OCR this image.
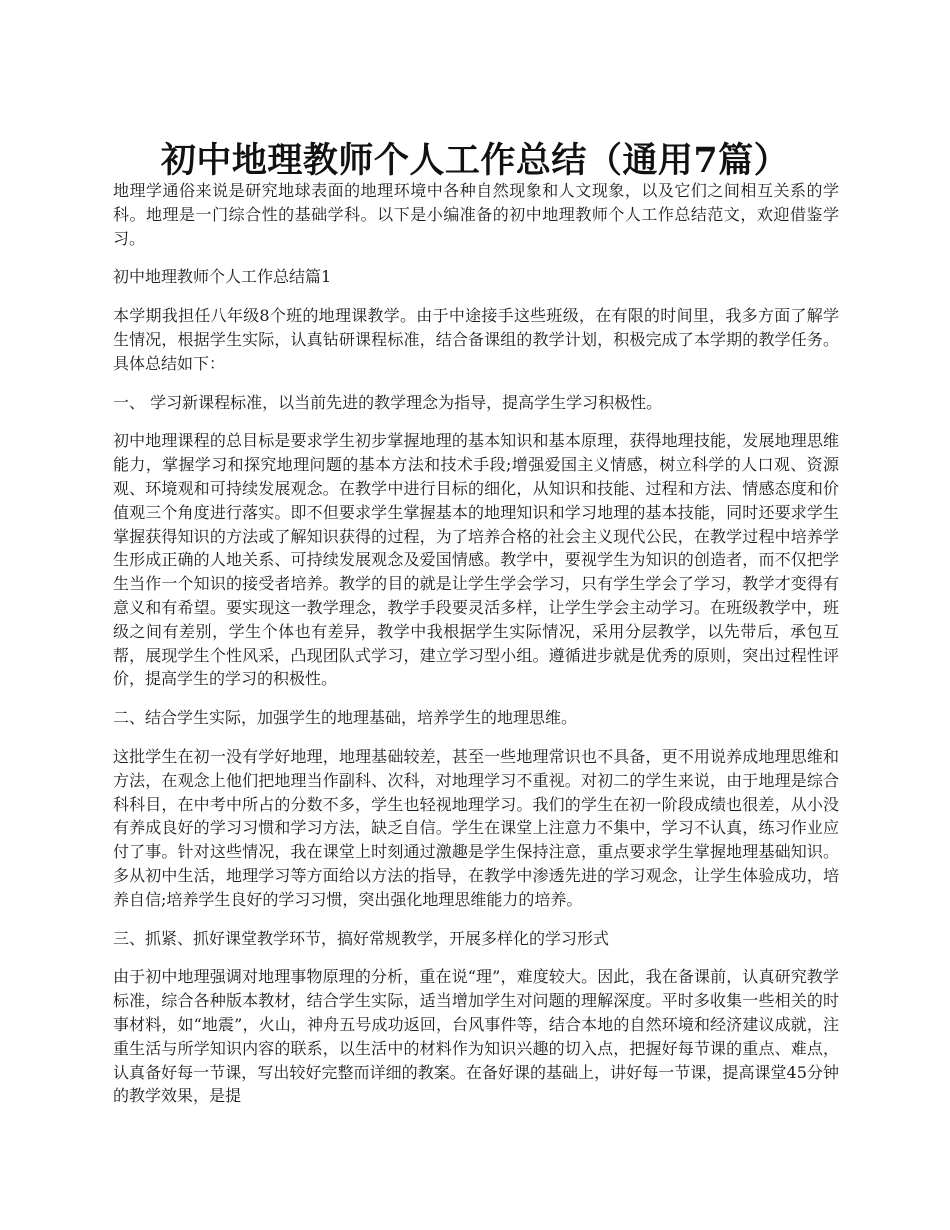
初中地理教师个人工作总结（通用7篇）

地理学通俗来说是研究地球表面的地理环境中各种自然现象和人文现象，以及它们之间相互关系的学科。地理是一门综合性的基础学科。以下是小编准备的初中地理教师个人工作总结范文，欢迎借鉴学习。

初中地理教师个人工作总结篇1

本学期我担任八年级8个班的地理课教学。由于中途接手这些班级，在有限的时间里，我多方面了解学生情况，根据学生实际，认真钻研课程标准，结合备课组的教学计划，积极完成了本学期的教学任务。具体总结如下：

一、 学习新课程标准，以当前先进的教学理念为指导，提高学生学习积极性。

初中地理课程的总目标是要求学生初步掌握地理的基本知识和基本原理，获得地理技能，发展地理思维能力，掌握学习和探究地理问题的基本方法和技术手段;增强爱国主义情感，树立科学的人口观、资源观、环境观和可持续发展观念。在教学中进行目标的细化，从知识和技能、过程和方法、情感态度和价值观三个角度进行落实。即不但要求学生掌握基本的地理知识和学习地理的基本技能，同时还要求学生掌握获得知识的方法或了解知识获得的过程，为了培养合格的社会主义现代公民，在教学过程中培养学生形成正确的人地关系、可持续发展观念及爱国情感。教学中，要视学生为知识的创造者，而不仅把学生当作一个知识的接受者培养。教学的目的就是让学生学会学习，只有学生学会了学习，教学才变得有意义和有希望。要实现这一教学理念，教学手段要灵活多样，让学生学会主动学习。在班级教学中，班级之间有差别，学生个体也有差异，教学中我根据学生实际情况，采用分层教学，以先带后，承包互帮，展现学生个性风采，凸现团队式学习，建立学习型小组。遵循进步就是优秀的原则，突出过程性评价，提高学生的学习的积极性。

二、结合学生实际，加强学生的地理基础，培养学生的地理思维。

这批学生在初一没有学好地理，地理基础较差，甚至一些地理常识也不具备，更不用说养成地理思维和方法，在观念上他们把地理当作副科、次科，对地理学习不重视。对初二的学生来说，由于地理是综合科科目，在中考中所占的分数不多，学生也轻视地理学习。我们的学生在初一阶段成绩也很差，从小没有养成良好的学习习惯和学习方法，缺乏自信。学生在课堂上注意力不集中，学习不认真，练习作业应付了事。针对这些情况，我在课堂上时刻通过激趣是学生保持注意，重点要求学生掌握地理基础知识。多从初中生活，地理学习等方面给以方法的指导，在教学中渗透先进的学习观念，让学生体验成功，培养自信;培养学生良好的学习习惯，突出强化地理思维能力的培养。

三、抓紧、抓好课堂教学环节，搞好常规教学，开展多样化的学习形式

由于初中地理强调对地理事物原理的分析，重在说“理”，难度较大。因此，我在备课前，认真研究教学标准，综合各种版本教材，结合学生实际，适当增加学生对问题的理解深度。平时多收集一些相关的时事材料，如“地震”，火山，神舟五号成功返回，台风事件等，结合本地的自然环境和经济建议成就，注重生活与所学知识内容的联系，以生活中的材料作为知识兴趣的切入点，把握好每节课的重点、难点，认真备好每一节课，写出较好完整而详细的教案。在备好课的基础上，讲好每一节课，提高课堂45分钟的教学效果，是提
